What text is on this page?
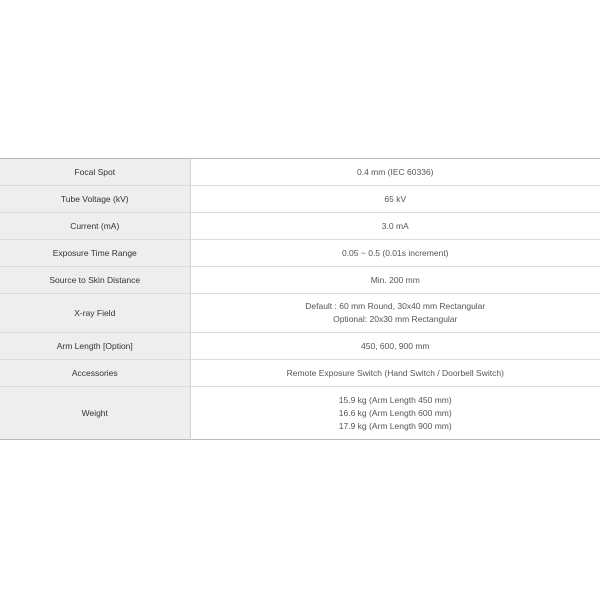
Focal Spot	0.4 mm (IEC 60336)

Tube Voltage (kV)	65 kV

Current (mA)	3.0 mA

Exposure Time Range	0.05 ~ 0.5 (0.01s increment)

Source to Skin Distance	Min. 200 mm

X-ray Field	Default : 60 mm Round, 30x40 mm Rectangular
Optional: 20x30 mm Rectangular

Arm Length [Option]	450, 600, 900 mm

Accessories	Remote Exposure Switch (Hand Switch / Doorbell Switch)

Weight	15.9 kg (Arm Length 450 mm)
16.6 kg (Arm Length 600 mm)
17.9 kg (Arm Length 900 mm)
